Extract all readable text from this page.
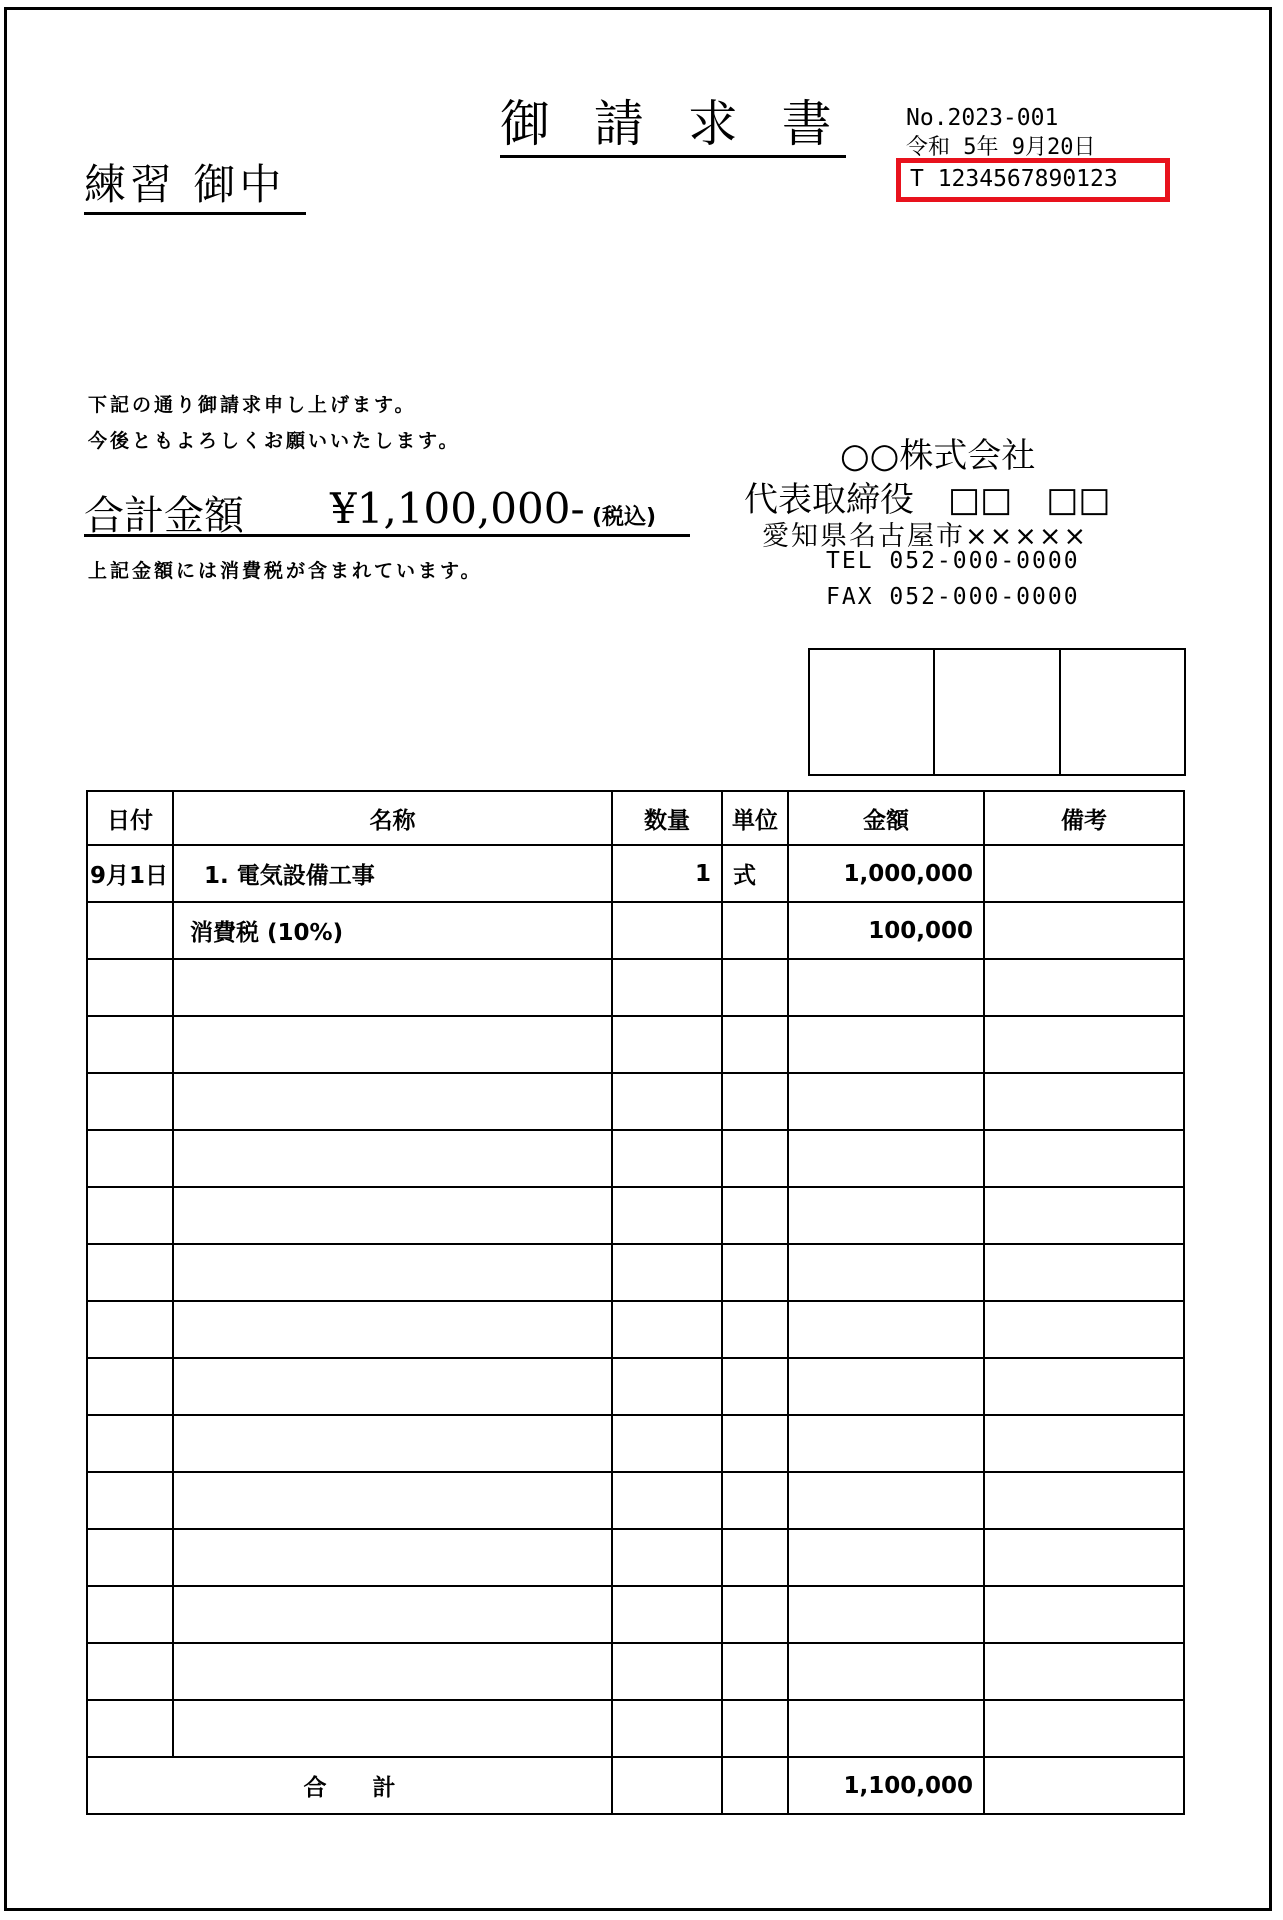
御 請 求 書
練習 御中
No.2023-001
令和 5年 9月20日
T 1234567890123
下記の通り御請求申し上げます。
今後ともよろしくお願いいたします。
合計金額 ¥1,100,000- (税込)
上記金額には消費税が含まれています。
○○株式会社
代表取締役　□□　□□
愛知県名古屋市×××××
TEL 052-000-0000
FAX 052-000-0000
日付	名称	数量	単位	金額	備考
9月1日	1. 電気設備工事	1	式	1,000,000	
	消費税 (10%)			100,000	

合　　計				1,100,000	
